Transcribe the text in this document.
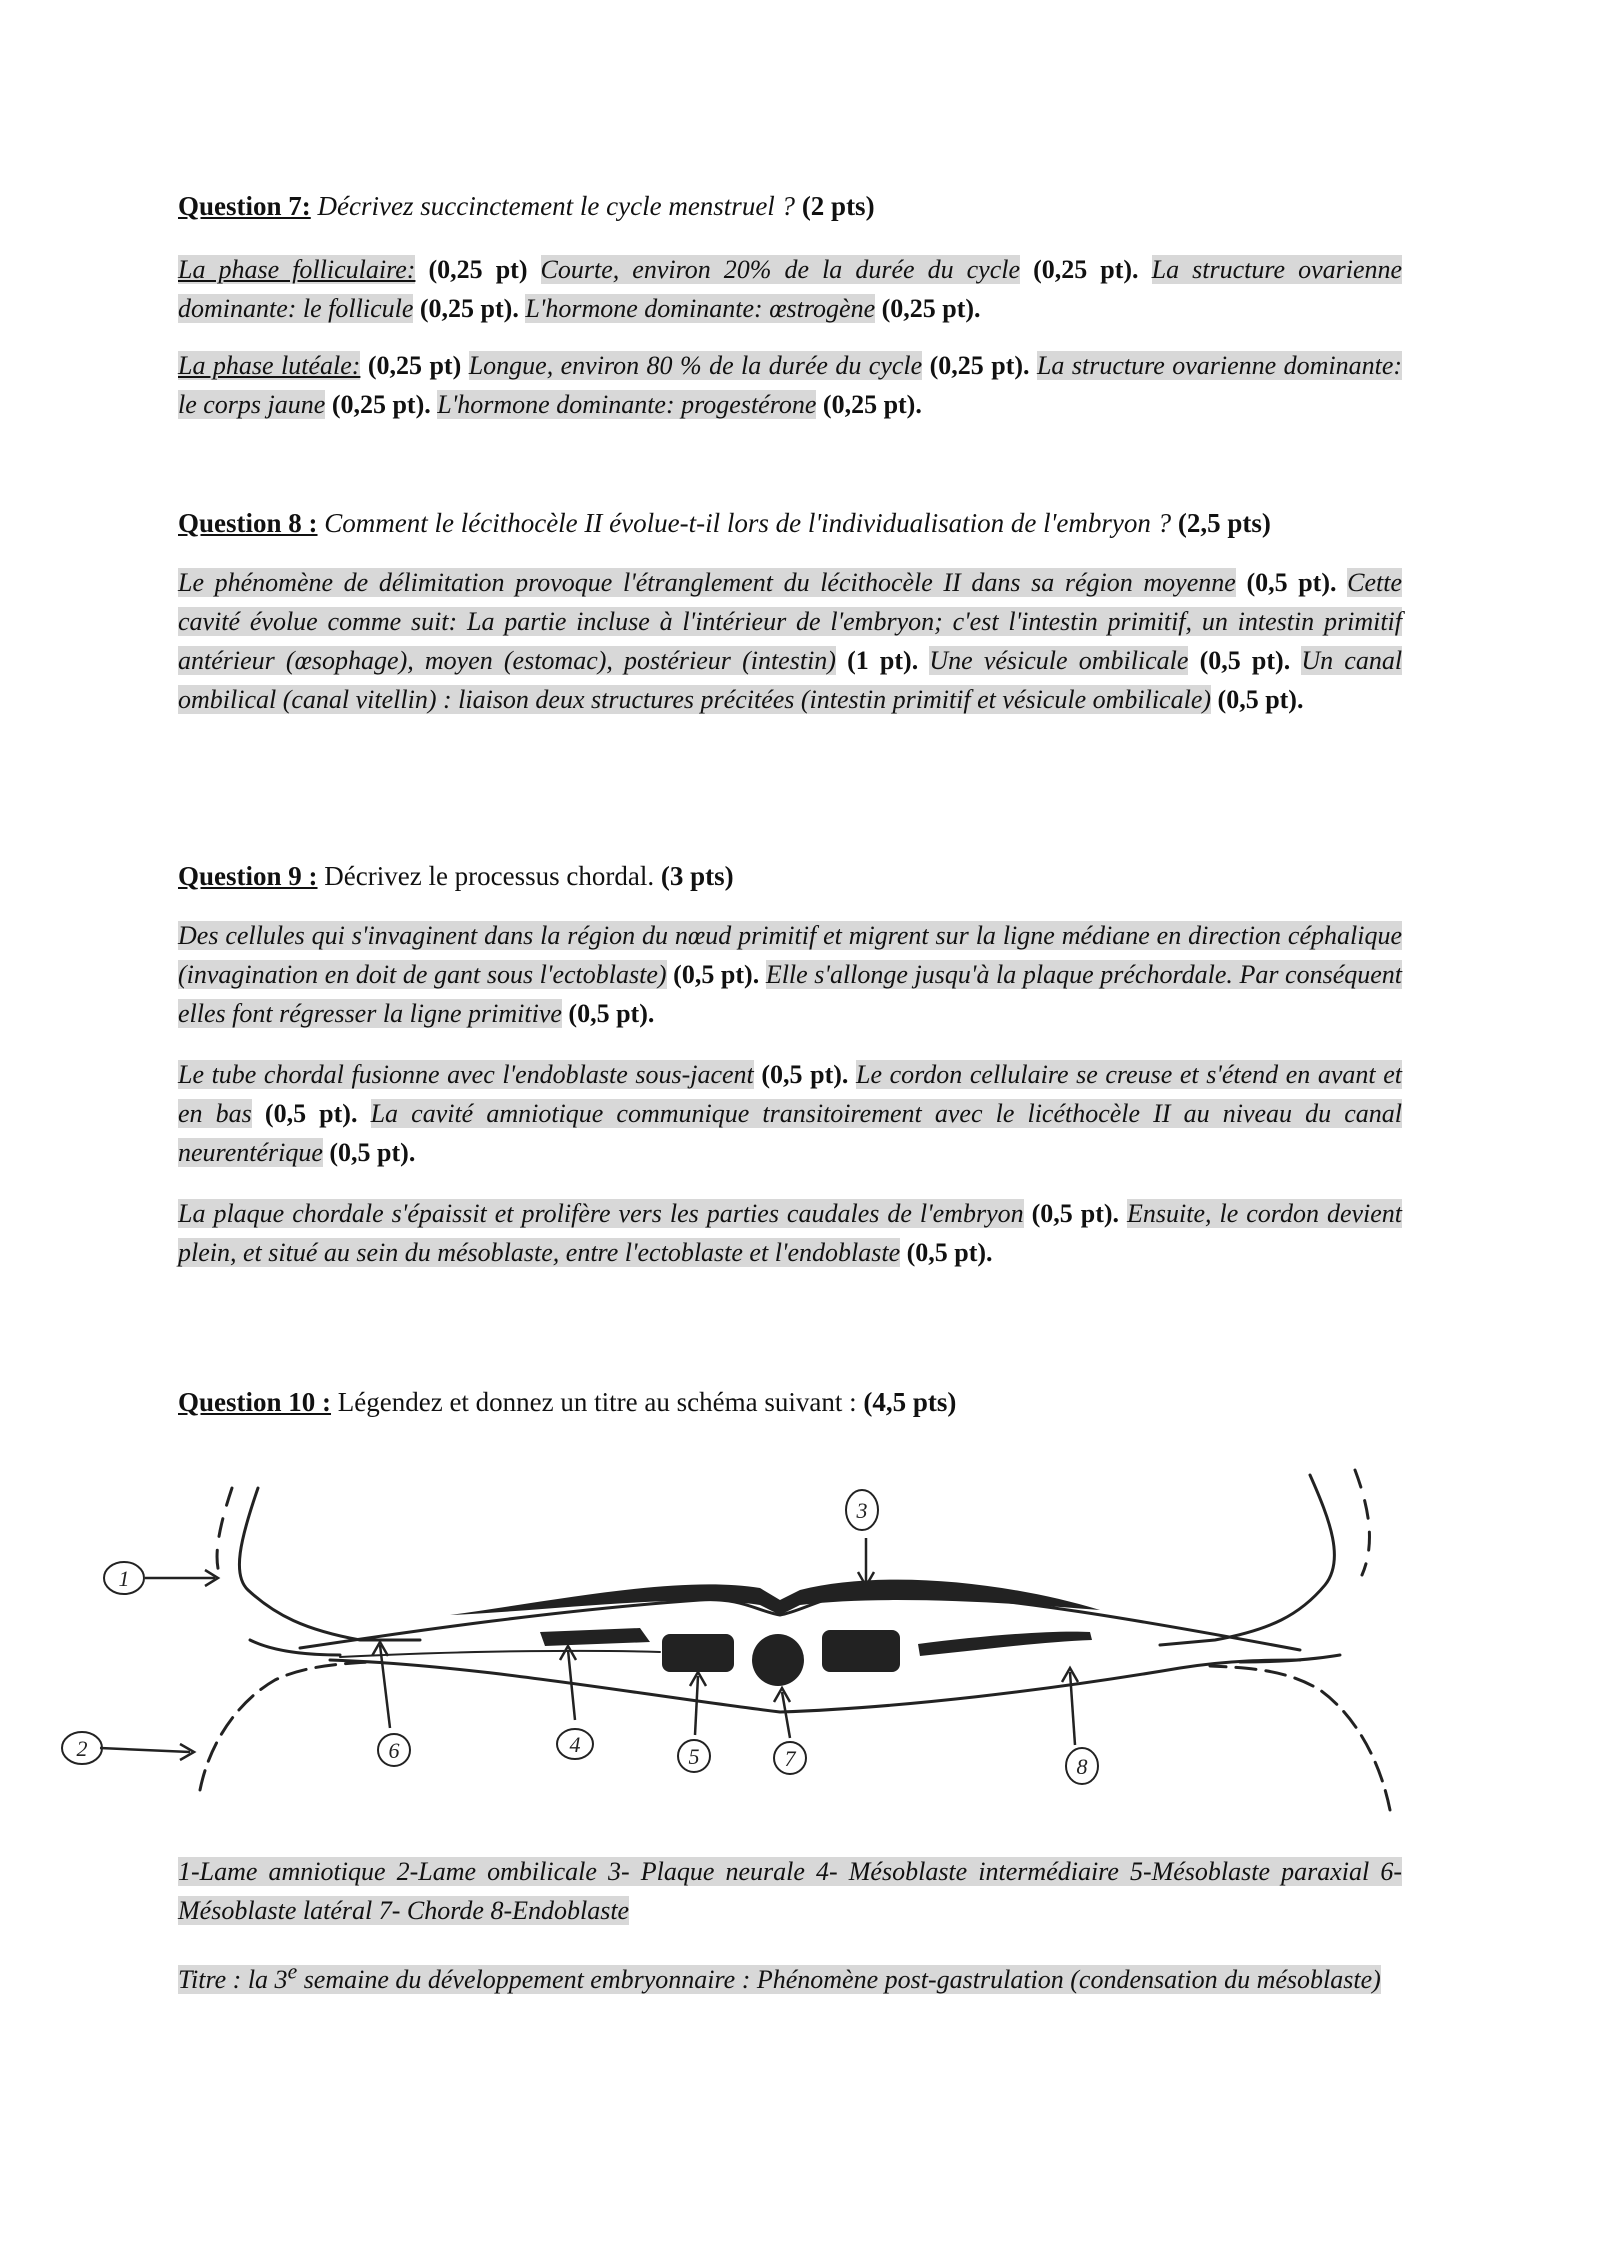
Question 7: Décrivez succinctement le cycle menstruel ? (2 pts)

La phase folliculaire: (0,25 pt) Courte, environ 20% de la durée du cycle (0,25 pt). La structure ovarienne dominante: le follicule (0,25 pt). L'hormone dominante: œstrogène (0,25 pt).

La phase lutéale: (0,25 pt) Longue, environ 80 % de la durée du cycle (0,25 pt). La structure ovarienne dominante: le corps jaune (0,25 pt). L'hormone dominante: progestérone (0,25 pt).

Question 8 : Comment le lécithocèle II évolue-t-il lors de l'individualisation de l'embryon ? (2,5 pts)

Le phénomène de délimitation provoque l'étranglement du lécithocèle II dans sa région moyenne (0,5 pt). Cette cavité évolue comme suit: La partie incluse à l'intérieur de l'embryon; c'est l'intestin primitif, un intestin primitif antérieur (œsophage), moyen (estomac), postérieur (intestin) (1 pt). Une vésicule ombilicale (0,5 pt). Un canal ombilical (canal vitellin) : liaison deux structures précitées (intestin primitif et vésicule ombilicale) (0,5 pt).

Question 9 : Décrivez le processus chordal. (3 pts)

Des cellules qui s'invaginent dans la région du nœud primitif et migrent sur la ligne médiane en direction céphalique (invagination en doit de gant sous l'ectoblaste) (0,5 pt). Elle s'allonge jusqu'à la plaque préchordale. Par conséquent elles font régresser la ligne primitive (0,5 pt).

Le tube chordal fusionne avec l'endoblaste sous-jacent (0,5 pt). Le cordon cellulaire se creuse et s'étend en avant et en bas (0,5 pt). La cavité amniotique communique transitoirement avec le licéthocèle II au niveau du canal neurentérique (0,5 pt).

La plaque chordale s'épaissit et prolifère vers les parties caudales de l'embryon (0,5 pt). Ensuite, le cordon devient plein, et situé au sein du mésoblaste, entre l'ectoblaste et l'endoblaste (0,5 pt).

Question 10 : Légendez et donnez un titre au schéma suivant : (4,5 pts)

1
2
3
4	5
6	7	8

1-Lame amniotique 2-Lame ombilicale 3- Plaque neurale 4- Mésoblaste intermédiaire 5-Mésoblaste paraxial 6-Mésoblaste latéral 7- Chorde 8-Endoblaste

Titre : la 3e semaine du développement embryonnaire : Phénomène post-gastrulation (condensation du mésoblaste)
